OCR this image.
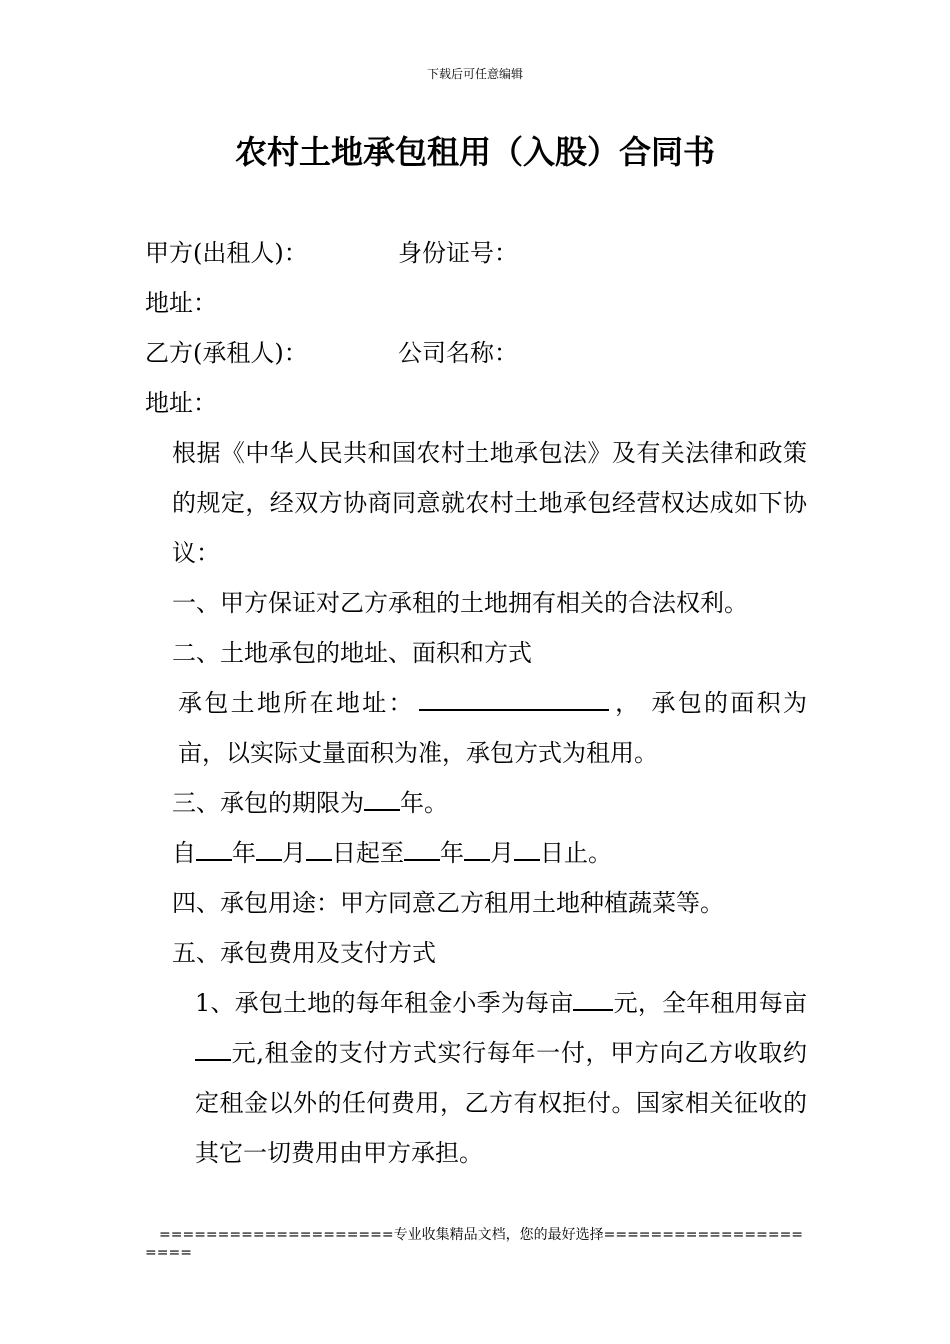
下载后可任意编辑
农村土地承包租用（入股）合同书
甲方(出租人)：	身份证号：
地址：
乙方(承租人)：	公司名称：
地址：
根据《中华人民共和国农村土地承包法》及有关法律和政策的规定，经双方协商同意就农村土地承包经营权达成如下协议：
一、甲方保证对乙方承租的土地拥有相关的合法权利。
二、土地承包的地址、面积和方式
承包土地所在地址：	， 承包的面积为亩，以实际丈量面积为准，承包方式为租用。
三、承包的期限为 年。
自 年 月 日起至 年 月 日止。
四、承包用途：甲方同意乙方租用土地种植蔬菜等。
五、承包费用及支付方式
1、承包土地的每年租金小季为每亩 元，全年租用每亩元,租金的支付方式实行每年一付，甲方向乙方收取约定租金以外的任何费用，乙方有权拒付。国家相关征收的其它一切费用由甲方承担。
====================专业收集精品文档，您的最好选择=====================
